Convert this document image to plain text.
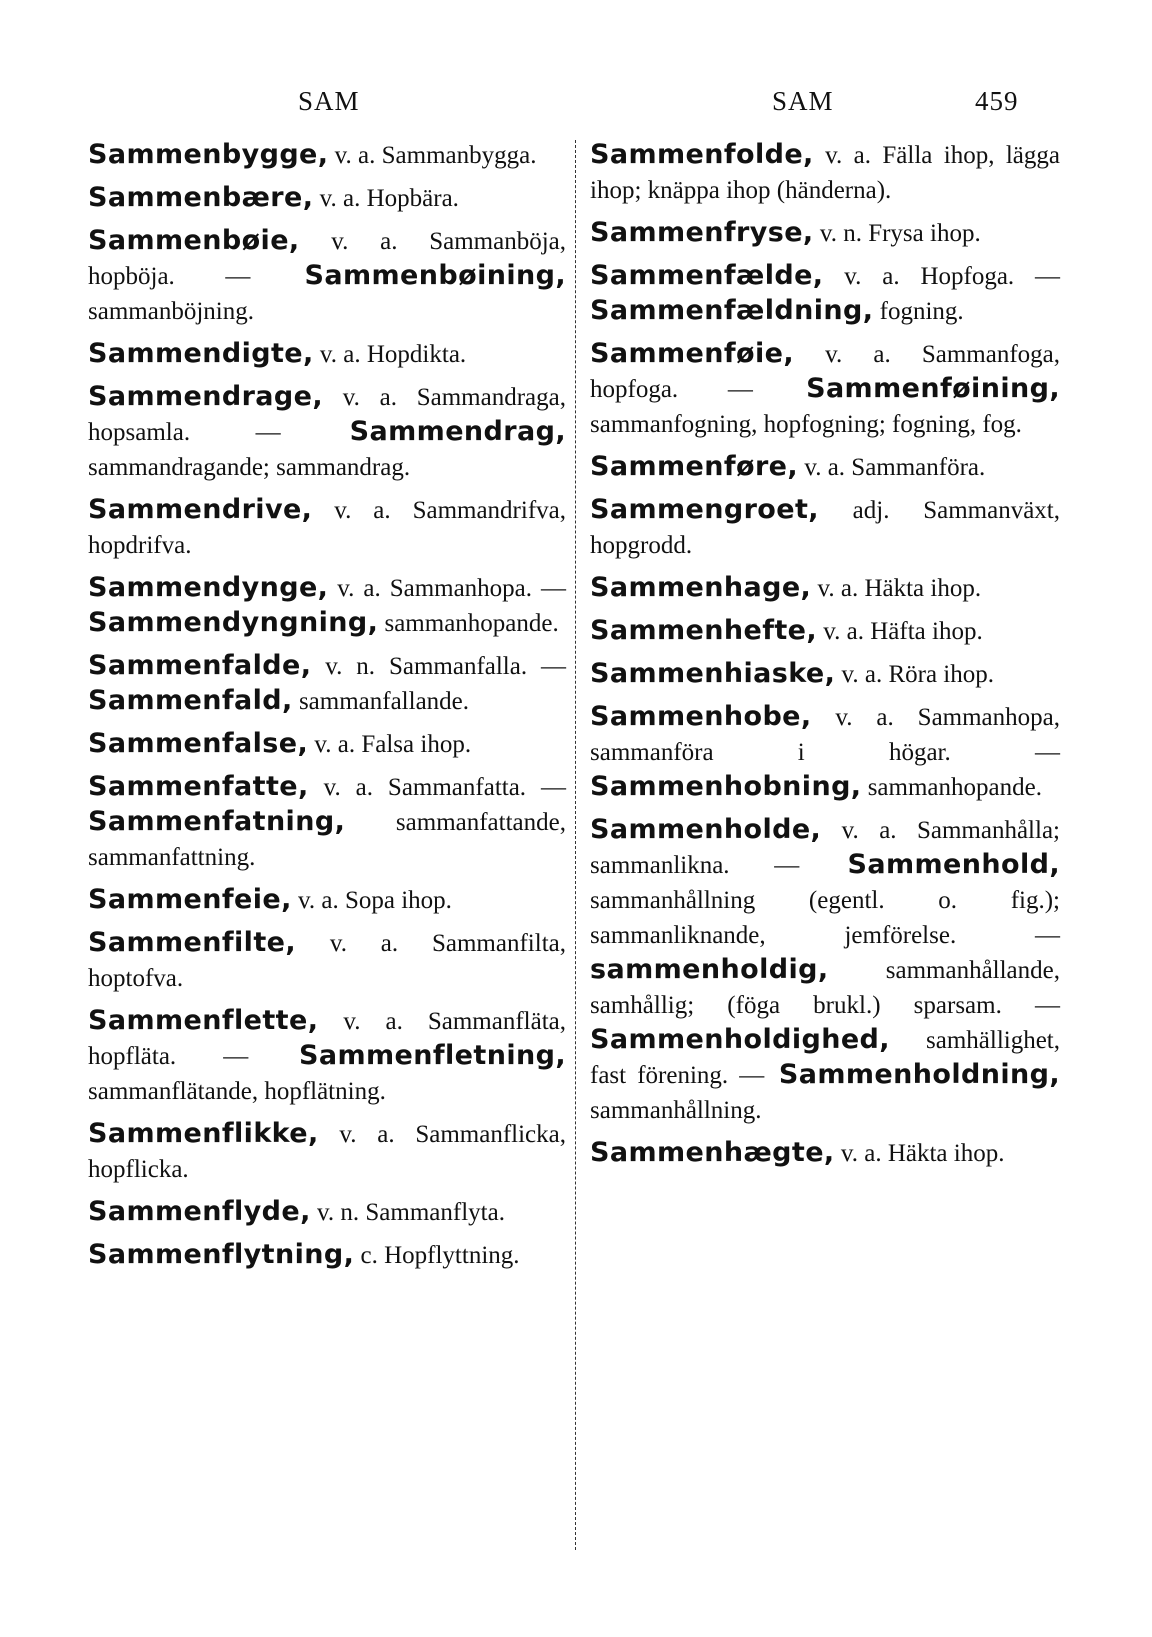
SAM	SAM	459

Sammenbygge, v. a. Sammanbygga.

Sammenbære, v. a. Hopbära.

Sammenbøie, v. a. Sammanböja, hopböja. — Sammenbøining, sammanböjning.

Sammendigte, v. a. Hopdikta.

Sammendrage, v. a. Sammandraga, hopsamla. — Sammendrag, sammandragande; sammandrag.

Sammendrive, v. a. Sammandrifva, hopdrifva.

Sammendynge, v. a. Sammanhopa. — Sammendyngning, sammanhopande.

Sammenfalde, v. n. Sammanfalla. — Sammenfald, sammanfallande.

Sammenfalse, v. a. Falsa ihop.

Sammenfatte, v. a. Sammanfatta. — Sammenfatning, sammanfattande, sammanfattning.

Sammenfeie, v. a. Sopa ihop.

Sammenfilte, v. a. Sammanfilta, hoptofva.

Sammenflette, v. a. Sammanfläta, hopfläta. — Sammenfletning, sammanflätande, hopflätning.

Sammenflikke, v. a. Sammanflicka, hopflicka.

Sammenflyde, v. n. Sammanflyta.

Sammenflytning, c. Hopflyttning.

Sammenfolde, v. a. Fälla ihop, lägga ihop; knäppa ihop (händerna).

Sammenfryse, v. n. Frysa ihop.

Sammenfælde, v. a. Hopfoga. — Sammenfældning, fogning.

Sammenføie, v. a. Sammanfoga, hopfoga. — Sammenføining, sammanfogning, hopfogning; fogning, fog.

Sammenføre, v. a. Sammanföra.

Sammengroet, adj. Sammanväxt, hopgrodd.

Sammenhage, v. a. Häkta ihop.

Sammenhefte, v. a. Häfta ihop.

Sammenhiaske, v. a. Röra ihop.

Sammenhobe, v. a. Sammanhopa, sammanföra i högar. — Sammenhobning, sammanhopande.

Sammenholde, v. a. Sammanhålla; sammanlikna. — Sammenhold, sammanhållning (egentl. o. fig.); sammanliknande, jemförelse. — sammenholdig, sammanhållande, samhållig; (föga brukl.) sparsam. — Sammenholdighed, samhällighet, fast förening. — Sammenholdning, sammanhållning.

Sammenhægte, v. a. Häkta ihop.
